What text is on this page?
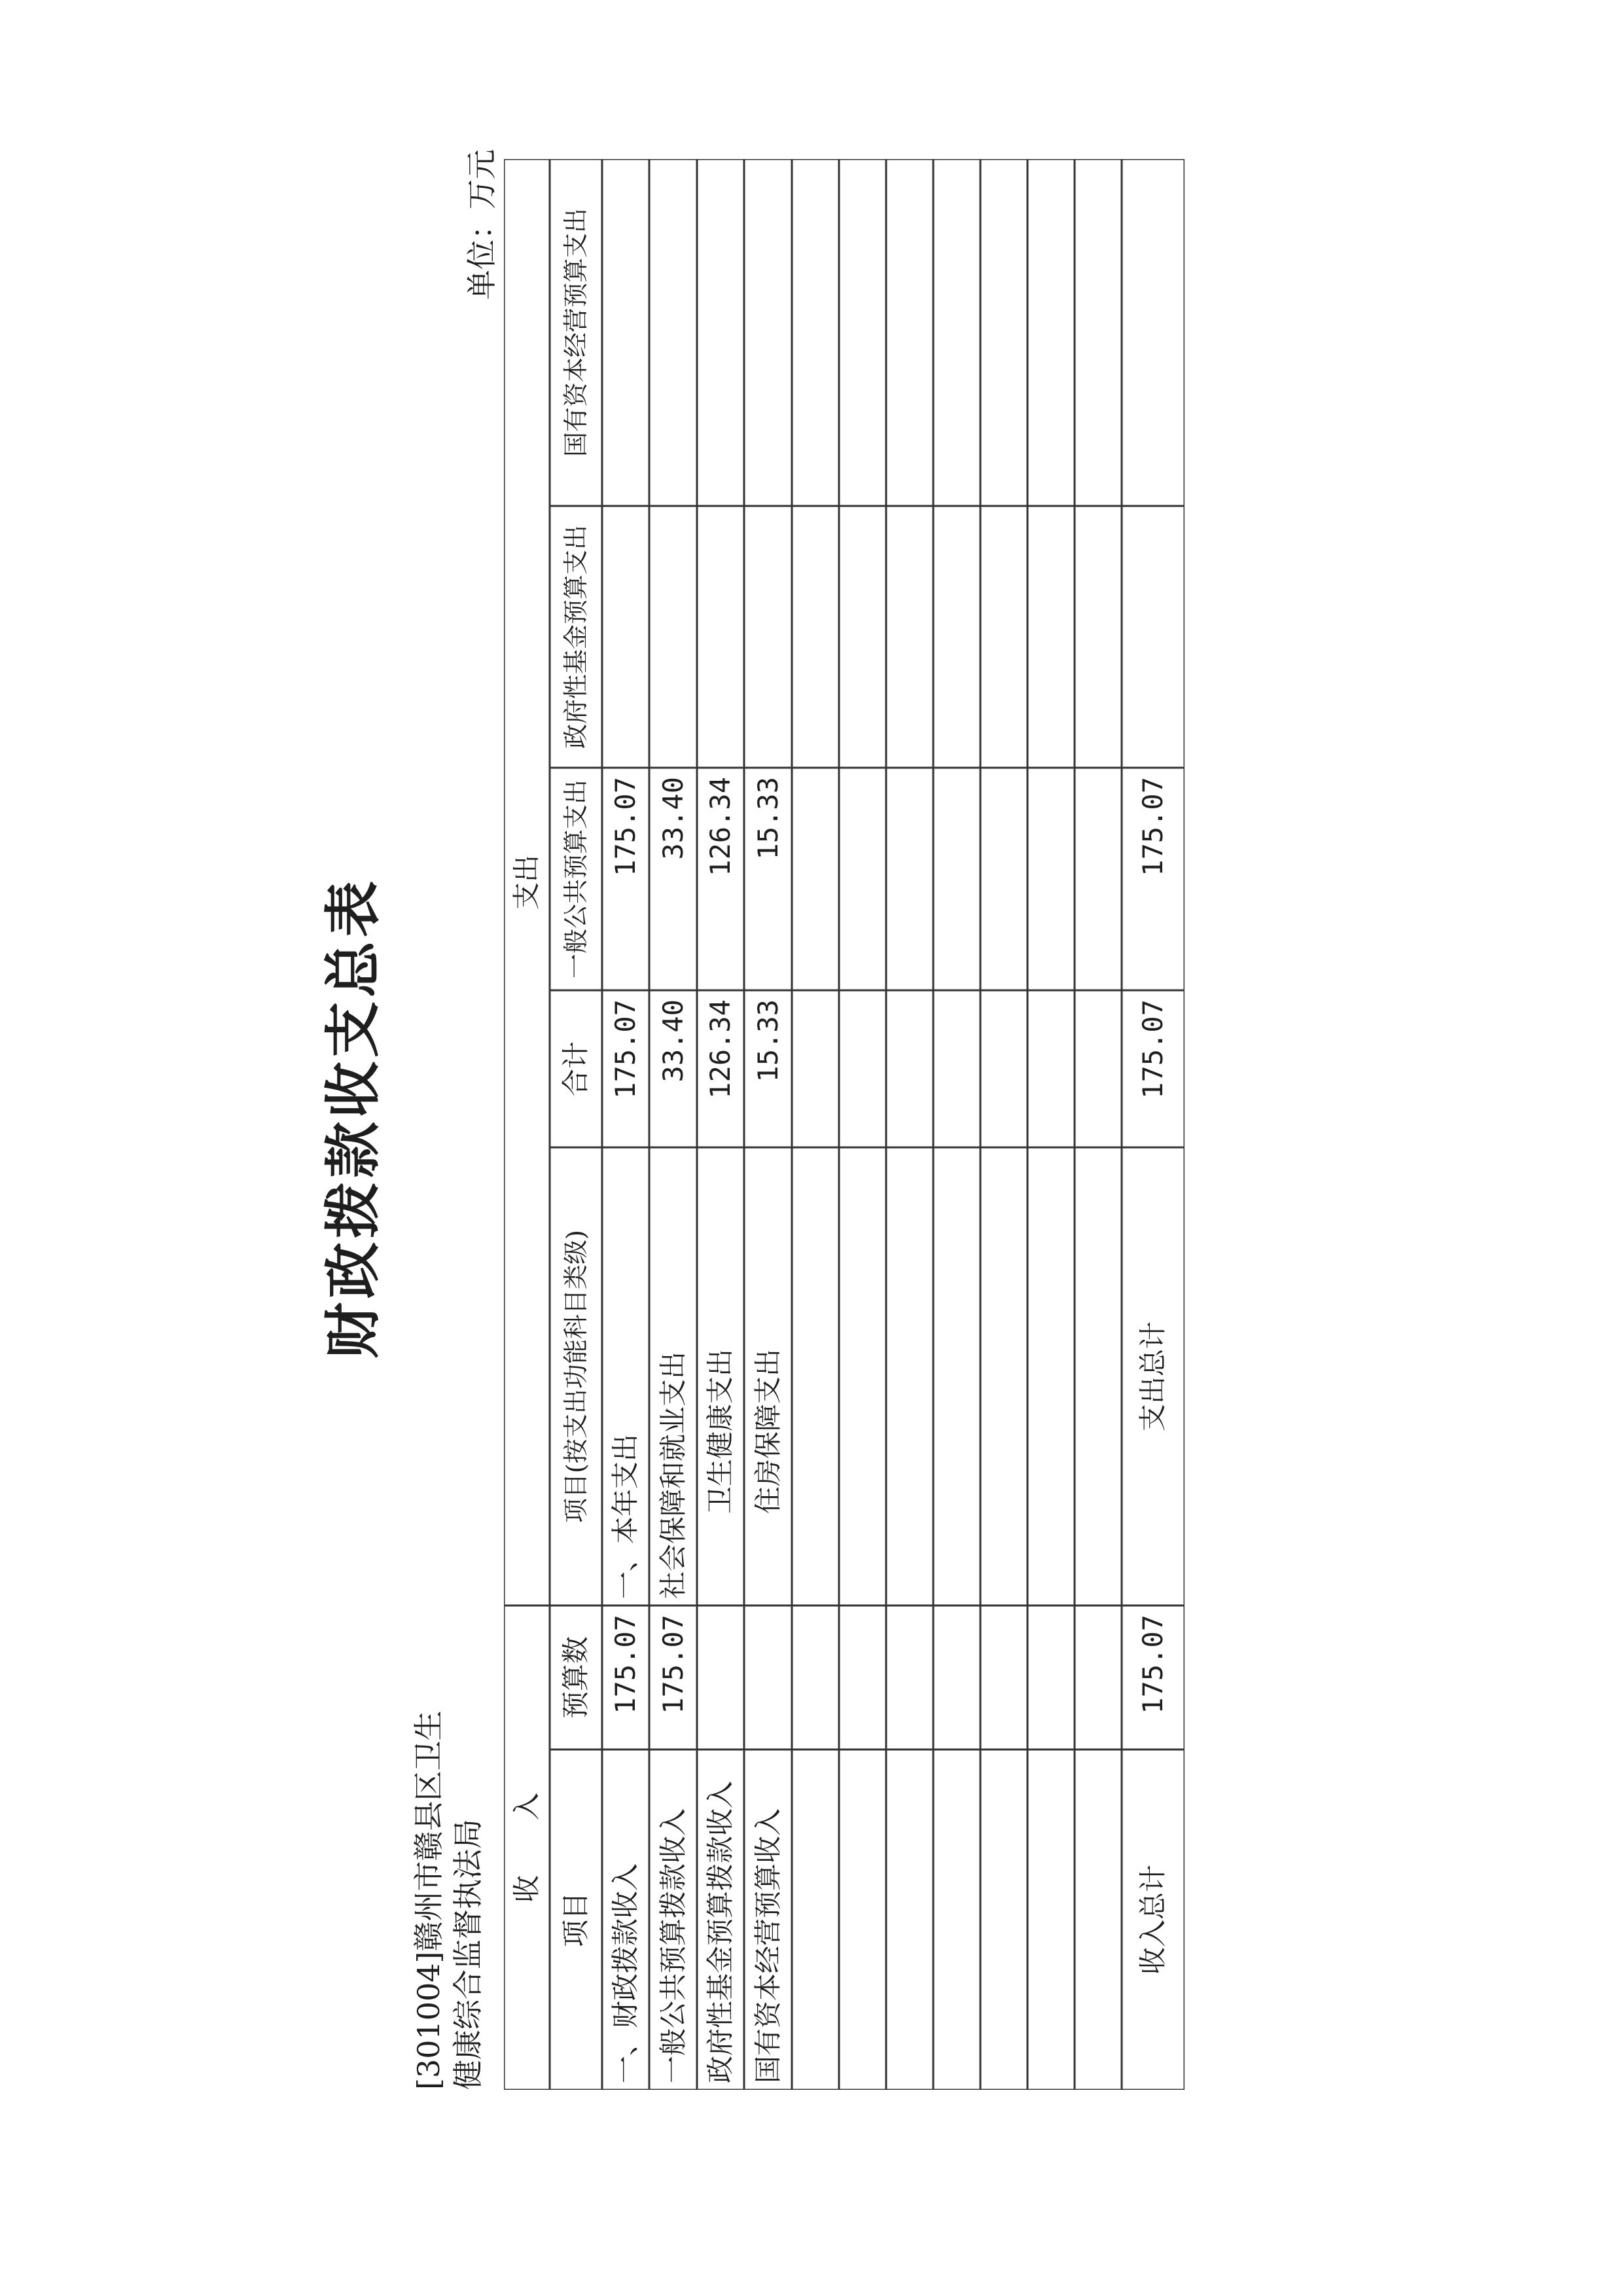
财政拨款收支总表
[301004]赣州市赣县区卫生健康综合监督执法局
单位：万元
收　　入
支出
项目
预算数
项目(按支出功能科目类级)
合计
一般公共预算支出
政府性基金预算支出
国有资本经营预算支出
一、财政拨款收入
175.07
一、本年支出
175.07
175.07
一般公共预算拨款收入
175.07
社会保障和就业支出
33.40
33.40
政府性基金预算拨款收入
卫生健康支出
126.34
126.34
国有资本经营预算收入
住房保障支出
15.33
15.33
收入总计
175.07
支出总计
175.07
175.07
